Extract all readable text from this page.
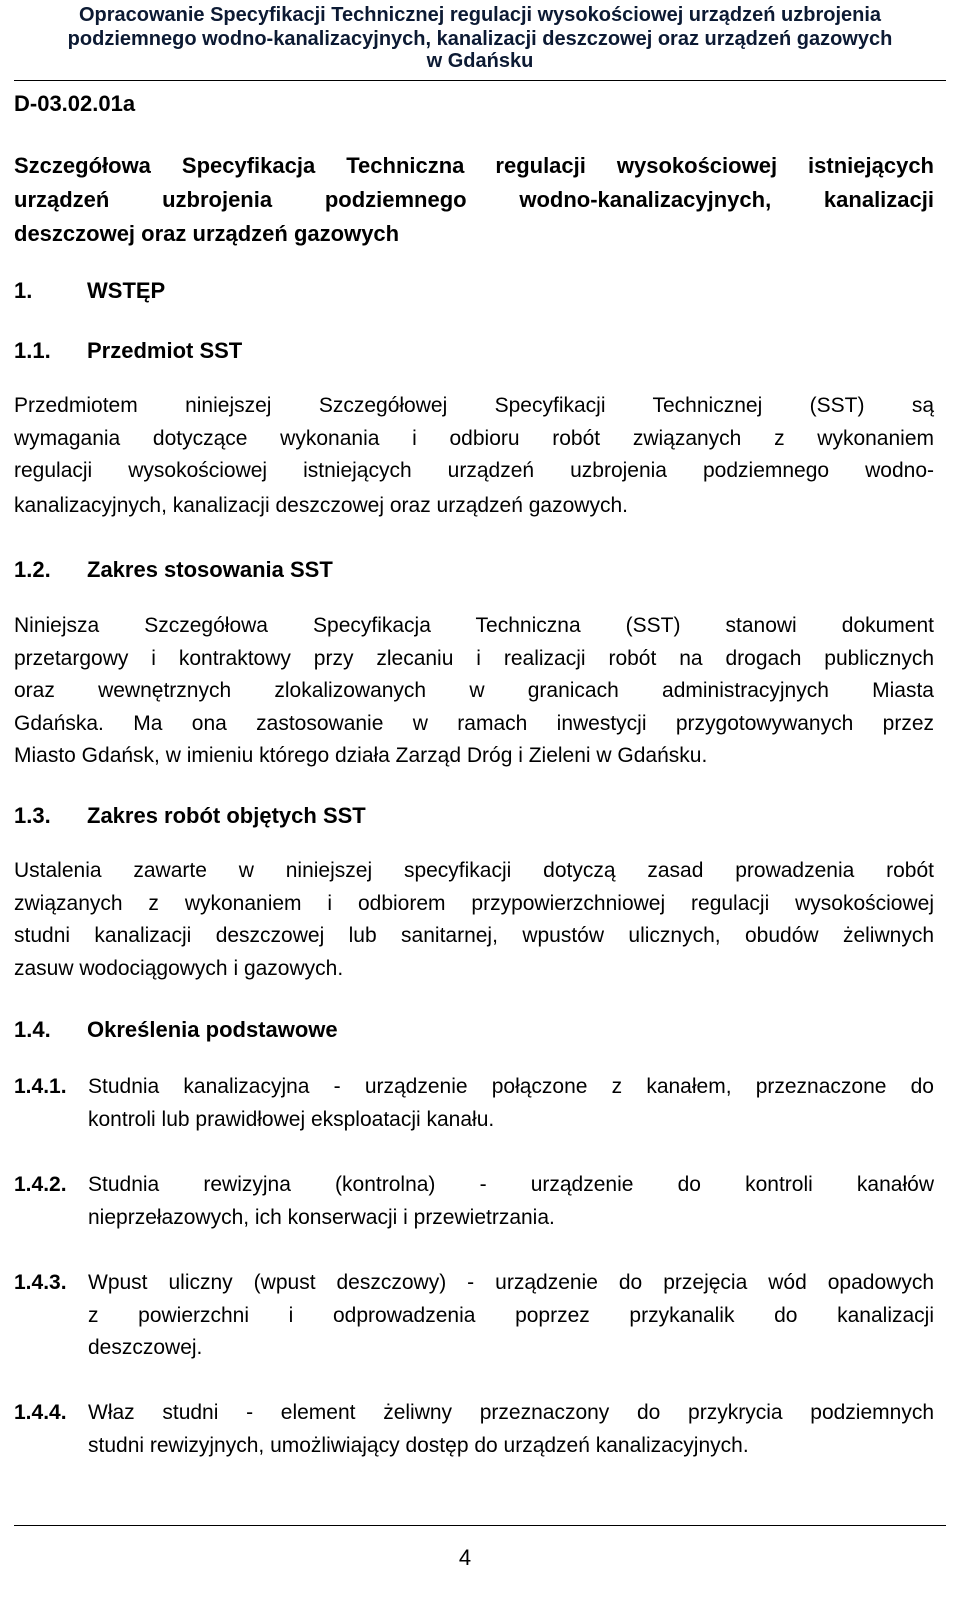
Opracowanie Specyfikacji Technicznej regulacji wysokościowej urządzeń uzbrojenia
podziemnego wodno-kanalizacyjnych, kanalizacji deszczowej oraz urządzeń gazowych
w Gdańsku
D-03.02.01a
Szczegółowa Specyfikacja Techniczna regulacji wysokościowej istniejących
urządzeń uzbrojenia podziemnego wodno-kanalizacyjnych, kanalizacji
deszczowej oraz urządzeń gazowych
1. WSTĘP
1.1. Przedmiot SST
Przedmiotem niniejszej Szczegółowej Specyfikacji Technicznej (SST) są
wymagania dotyczące wykonania i odbioru robót związanych z wykonaniem
regulacji wysokościowej istniejących urządzeń uzbrojenia podziemnego wodno-
kanalizacyjnych, kanalizacji deszczowej oraz urządzeń gazowych.
1.2. Zakres stosowania SST
Niniejsza Szczegółowa Specyfikacja Techniczna (SST) stanowi dokument
przetargowy i kontraktowy przy zlecaniu i realizacji robót na drogach publicznych
oraz wewnętrznych zlokalizowanych w granicach administracyjnych Miasta
Gdańska. Ma ona zastosowanie w ramach inwestycji przygotowywanych przez
Miasto Gdańsk, w imieniu którego działa Zarząd Dróg i Zieleni w Gdańsku.
1.3. Zakres robót objętych SST
Ustalenia zawarte w niniejszej specyfikacji dotyczą zasad prowadzenia robót
związanych z wykonaniem i odbiorem przypowierzchniowej regulacji wysokościowej
studni kanalizacji deszczowej lub sanitarnej, wpustów ulicznych, obudów żeliwnych
zasuw wodociągowych i gazowych.
1.4. Określenia podstawowe
1.4.1. Studnia kanalizacyjna - urządzenie połączone z kanałem, przeznaczone do
kontroli lub prawidłowej eksploatacji kanału.
1.4.2. Studnia rewizyjna (kontrolna) - urządzenie do kontroli kanałów
nieprzełazowych, ich konserwacji i przewietrzania.
1.4.3. Wpust uliczny (wpust deszczowy) - urządzenie do przejęcia wód opadowych
z powierzchni i odprowadzenia poprzez przykanalik do kanalizacji
deszczowej.
1.4.4. Właz studni - element żeliwny przeznaczony do przykrycia podziemnych
studni rewizyjnych, umożliwiający dostęp do urządzeń kanalizacyjnych.
4
